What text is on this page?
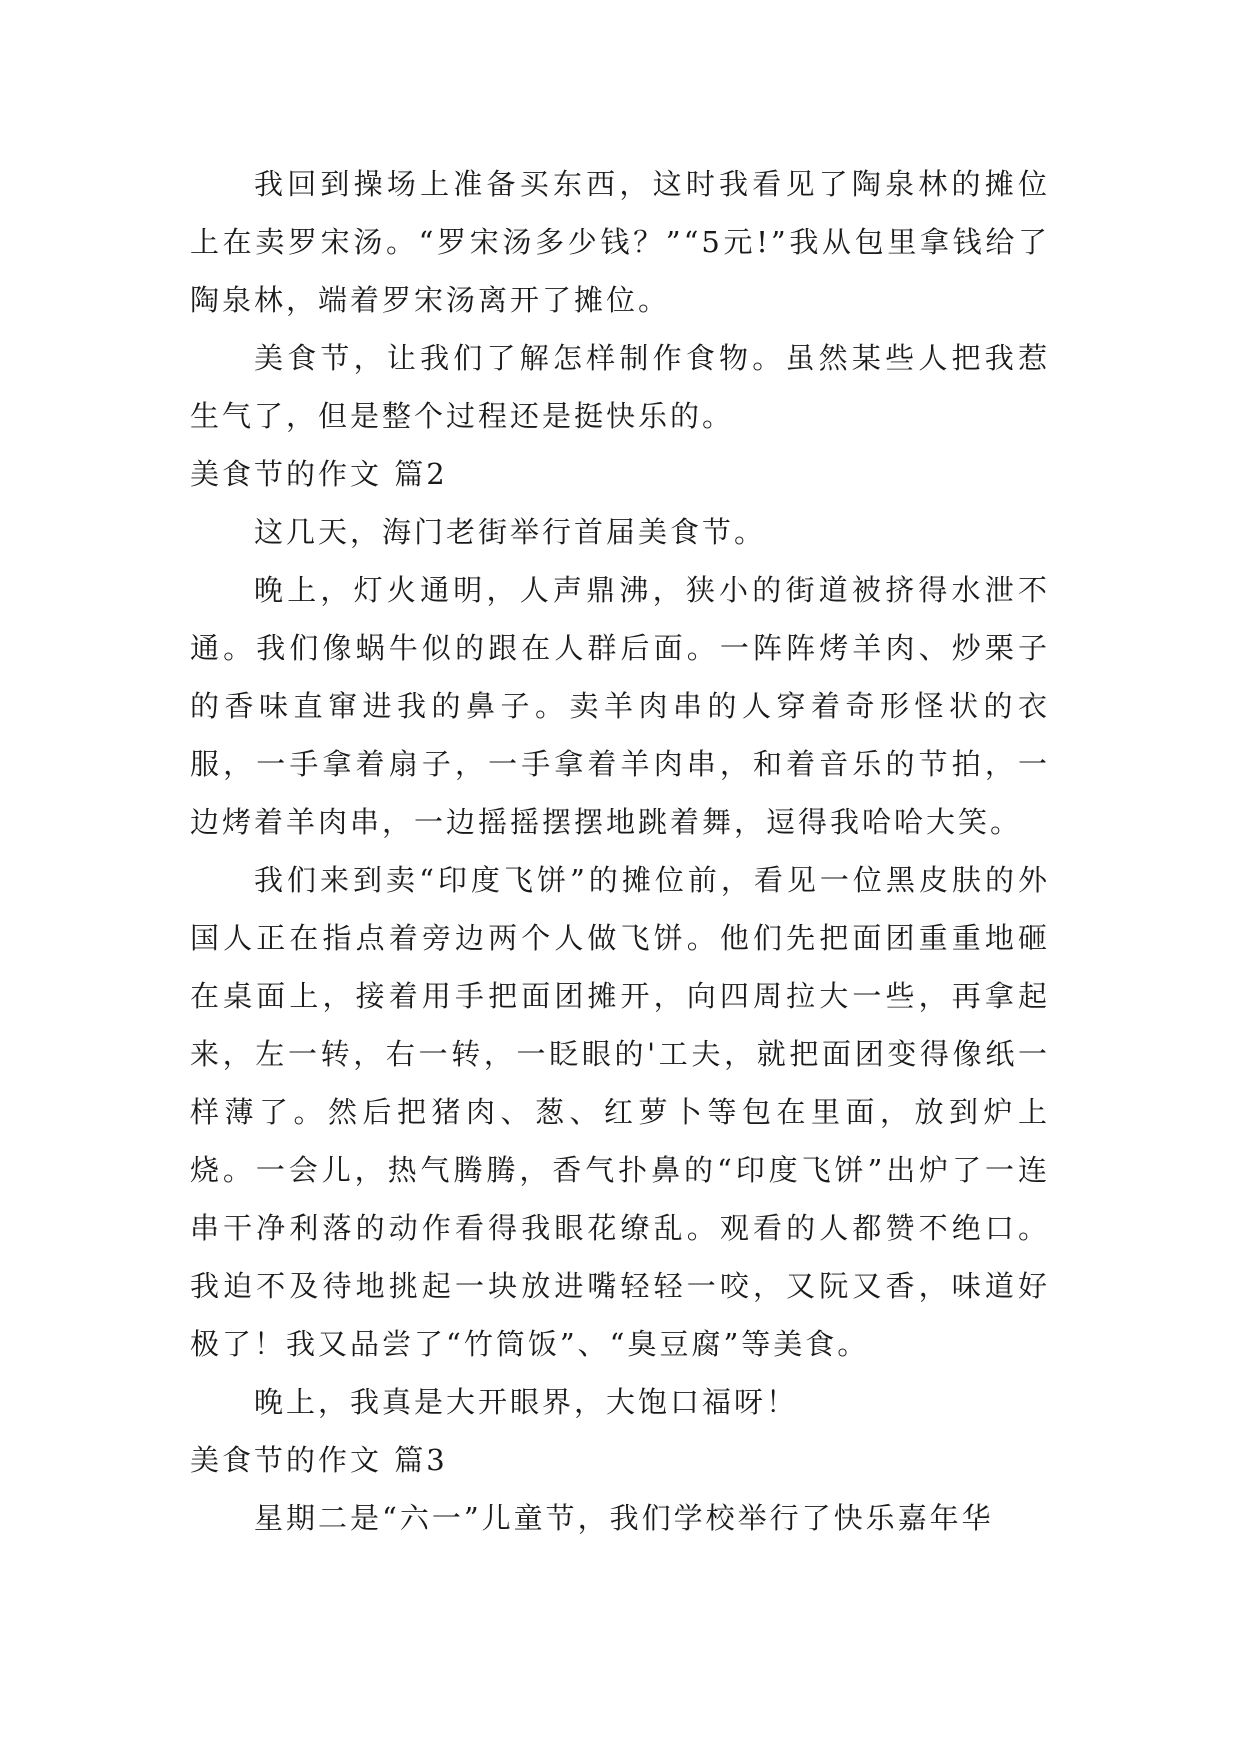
我回到操场上准备买东西，这时我看见了陶泉林的摊位上在卖罗宋汤。“罗宋汤多少钱？”“5元!”我从包里拿钱给了陶泉林，端着罗宋汤离开了摊位。

美食节，让我们了解怎样制作食物。虽然某些人把我惹生气了，但是整个过程还是挺快乐的。

美食节的作文 篇2

这几天，海门老街举行首届美食节。

晚上，灯火通明，人声鼎沸，狭小的街道被挤得水泄不通。我们像蜗牛似的跟在人群后面。一阵阵烤羊肉、炒栗子的香味直窜进我的鼻子。卖羊肉串的人穿着奇形怪状的衣服，一手拿着扇子，一手拿着羊肉串，和着音乐的节拍，一边烤着羊肉串，一边摇摇摆摆地跳着舞，逗得我哈哈大笑。

我们来到卖“印度飞饼”的摊位前，看见一位黑皮肤的外国人正在指点着旁边两个人做飞饼。他们先把面团重重地砸在桌面上，接着用手把面团摊开，向四周拉大一些，再拿起来，左一转，右一转，一眨眼的'工夫，就把面团变得像纸一样薄了。然后把猪肉、葱、红萝卜等包在里面，放到炉上烧。一会儿，热气腾腾，香气扑鼻的“印度飞饼”出炉了一连串干净利落的动作看得我眼花缭乱。观看的人都赞不绝口。我迫不及待地挑起一块放进嘴轻轻一咬，又阮又香，味道好极了！我又品尝了“竹筒饭”、“臭豆腐”等美食。

晚上，我真是大开眼界，大饱口福呀！

美食节的作文 篇3

星期二是“六一”儿童节，我们学校举行了快乐嘉年华
